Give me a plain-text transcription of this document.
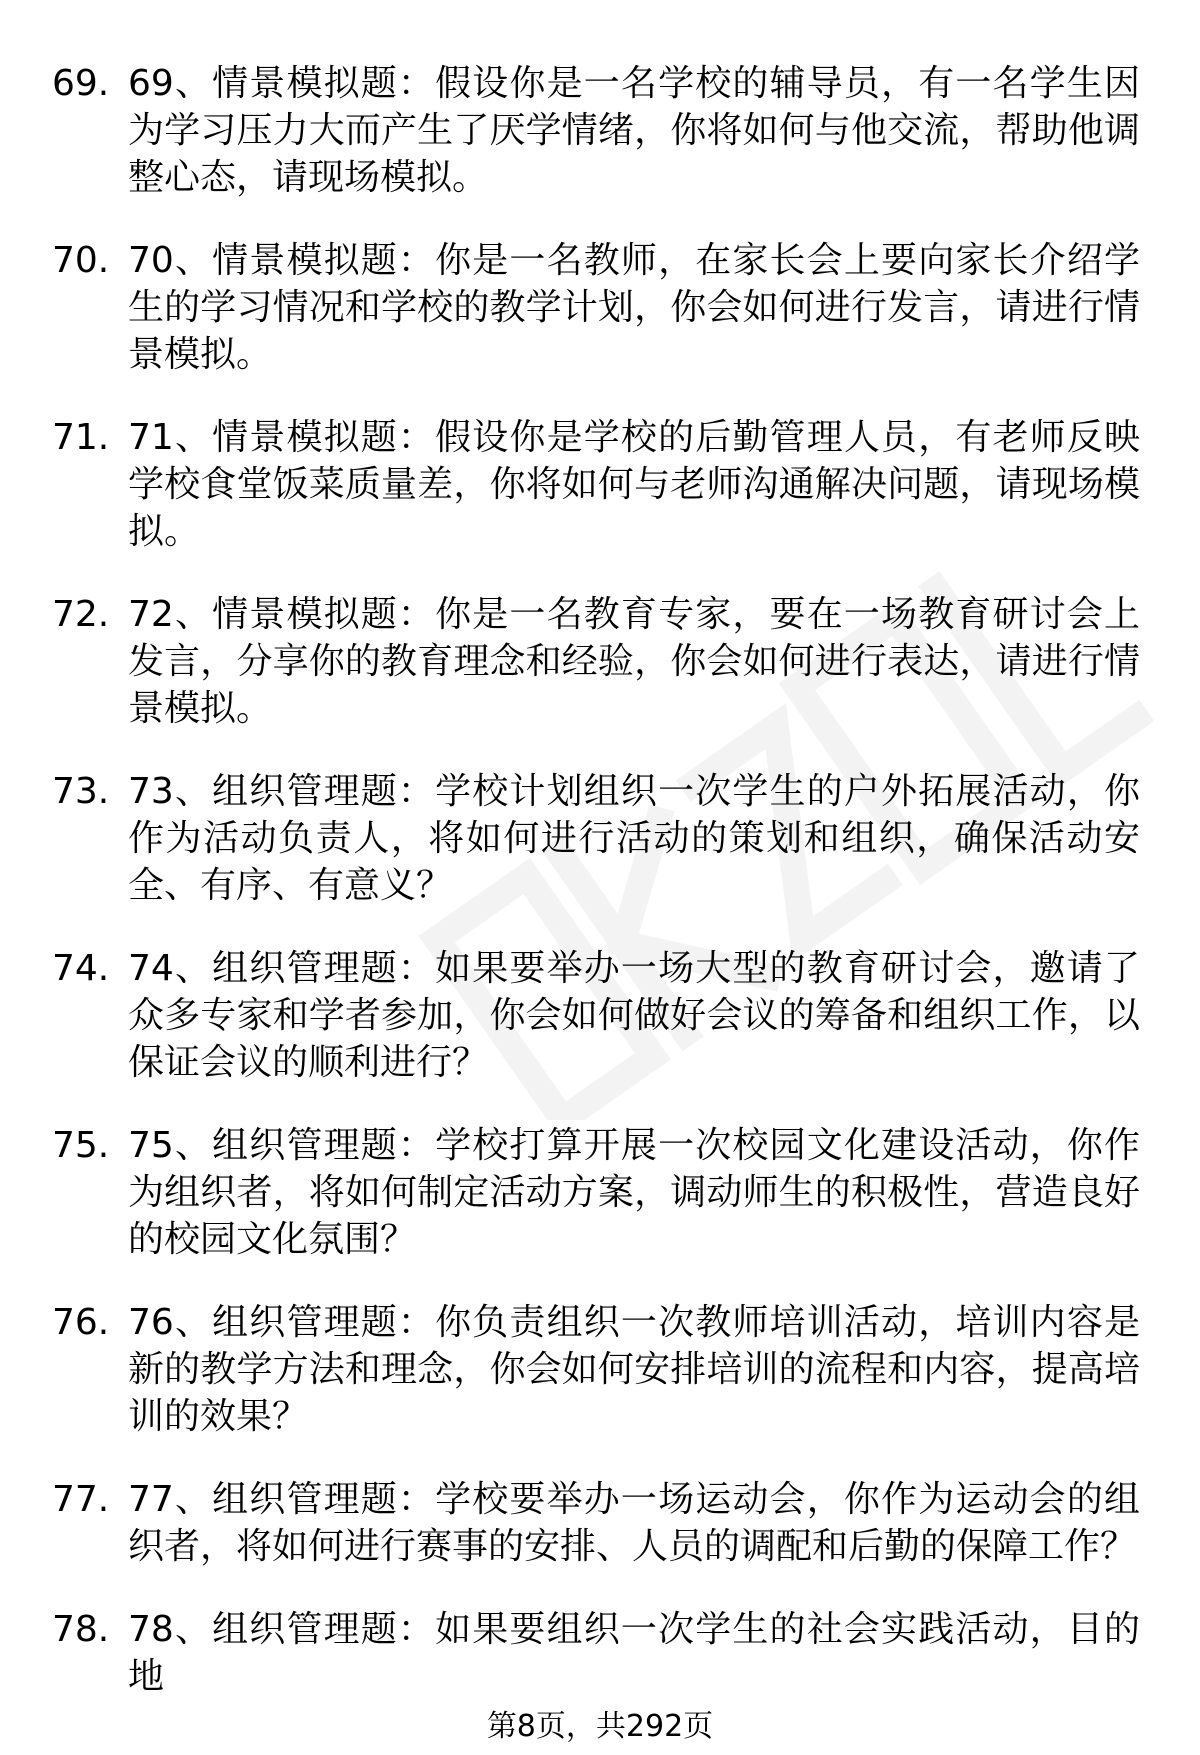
69. 69、情景模拟题：假设你是一名学校的辅导员，有一名学生因为学习压力大而产生了厌学情绪，你将如何与他交流，帮助他调整心态，请现场模拟。
70. 70、情景模拟题：你是一名教师，在家长会上要向家长介绍学生的学习情况和学校的教学计划，你会如何进行发言，请进行情景模拟。
71. 71、情景模拟题：假设你是学校的后勤管理人员，有老师反映学校食堂饭菜质量差，你将如何与老师沟通解决问题，请现场模拟。
72. 72、情景模拟题：你是一名教育专家，要在一场教育研讨会上发言，分享你的教育理念和经验，你会如何进行表达，请进行情景模拟。
73. 73、组织管理题：学校计划组织一次学生的户外拓展活动，你作为活动负责人，将如何进行活动的策划和组织，确保活动安全、有序、有意义？
74. 74、组织管理题：如果要举办一场大型的教育研讨会，邀请了众多专家和学者参加，你会如何做好会议的筹备和组织工作，以保证会议的顺利进行？
75. 75、组织管理题：学校打算开展一次校园文化建设活动，你作为组织者，将如何制定活动方案，调动师生的积极性，营造良好的校园文化氛围？
76. 76、组织管理题：你负责组织一次教师培训活动，培训内容是新的教学方法和理念，你会如何安排培训的流程和内容，提高培训的效果？
77. 77、组织管理题：学校要举办一场运动会，你作为运动会的组织者，将如何进行赛事的安排、人员的调配和后勤的保障工作？
78. 78、组织管理题：如果要组织一次学生的社会实践活动，目的地
第8页，共292页
